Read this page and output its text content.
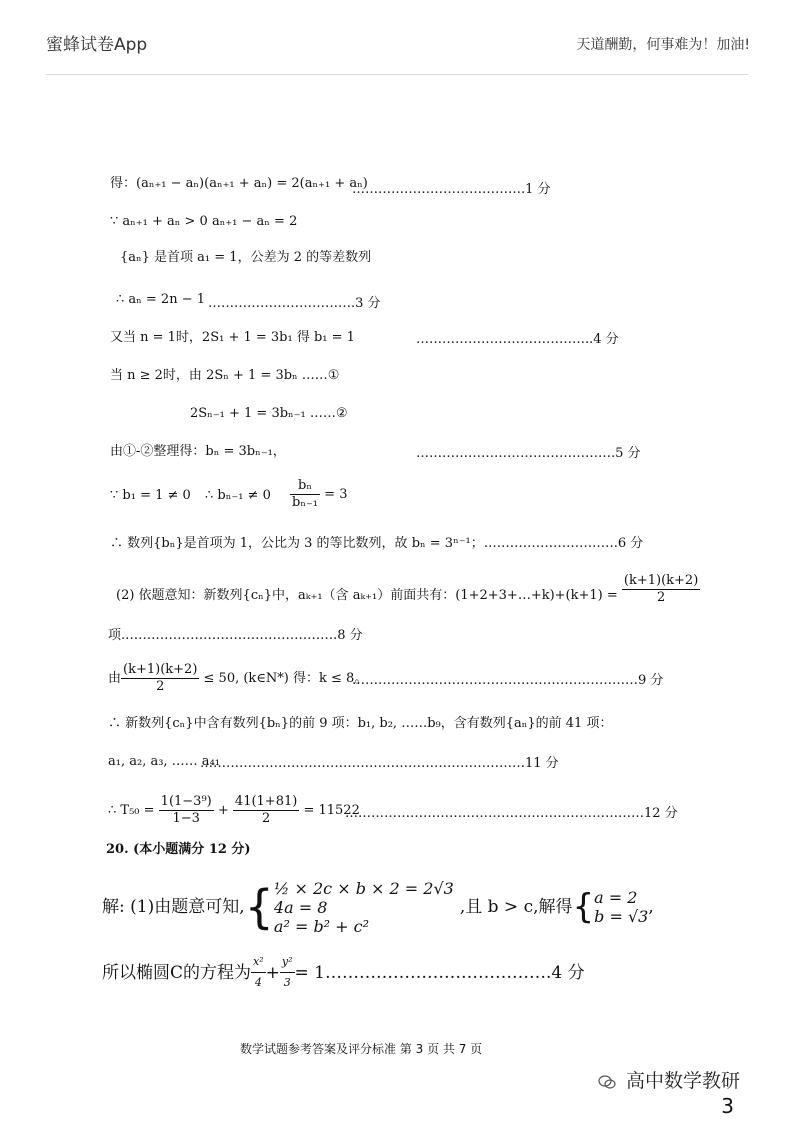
蜜蜂试卷App	天道酬勤，何事难为！加油!
得：(aₙ₊₁ − aₙ)(aₙ₊₁ + aₙ) = 2(aₙ₊₁ + aₙ)
………………………………….1 分
∵ aₙ₊₁ + aₙ > 0 aₙ₊₁ − aₙ = 2
{aₙ} 是首项 a₁ = 1，公差为 2 的等差数列
∴ aₙ = 2n − 1 …………………………….3 分
又当 n = 1时，2S₁ + 1 = 3b₁ 得 b₁ = 1	…………………………………..4 分
当 n ≥ 2时，由 2Sₙ + 1 = 3bₙ ……①
2Sₙ₋₁ + 1 = 3bₙ₋₁ ……②
由①-②整理得：bₙ = 3bₙ₋₁，	……………………………………….5 分
∵ b₁ = 1 ≠ 0 ∴ $b_{n-1} \ne 0 \frac{\text{bₙ}}{\text{bₙ₋₁}} = 3$
∴ 数列{bₙ}是首项为 1，公比为 3 的等比数列，故 bₙ = 3ⁿ⁻¹；………………………….6 分
(2) 依题意知：新数列{cₙ}中，aₖ₊₁（含 aₖ₊₁）前面共有：(1+2+3+…+k)+(k+1) = $\frac{(k+1)(k+2)}{2}$
项.………………………………………….8 分
由 $\frac{(k+1)(k+2)}{2} \le 50$, (k∈N*) 得：k ≤ 8。
…………………………………………………………9 分
∴ 新数列{cₙ}中含有数列{bₙ}的前 9 项：b₁, b₂, ……b₉，含有数列{aₙ}的前 41 项：
a₁, a₂, a₃, …… a₄₁
…………………………………………………………………11 分
∴ $T_{50} = \frac{\text{1(1−3⁹)}}{1-3} + \frac{41(1+81)}{2} = 11522$
……………………………………………………………12 分
20. (本小题满分 12 分)
解: (1)由题意可知, { ½ × 2c × b × 2 = 2√3
4a = 8
a² = b² + c²
,且 b > c,解得 { a = 2
b = √3 ,
所以椭圆C的方程为 $\frac{\text{x²}}{4} + \frac{\text{y²}}{3}$ = 1………………………………….4 分
数学试题参考答案及评分标准 第 3 页 共 7 页
高中数学教研
3
